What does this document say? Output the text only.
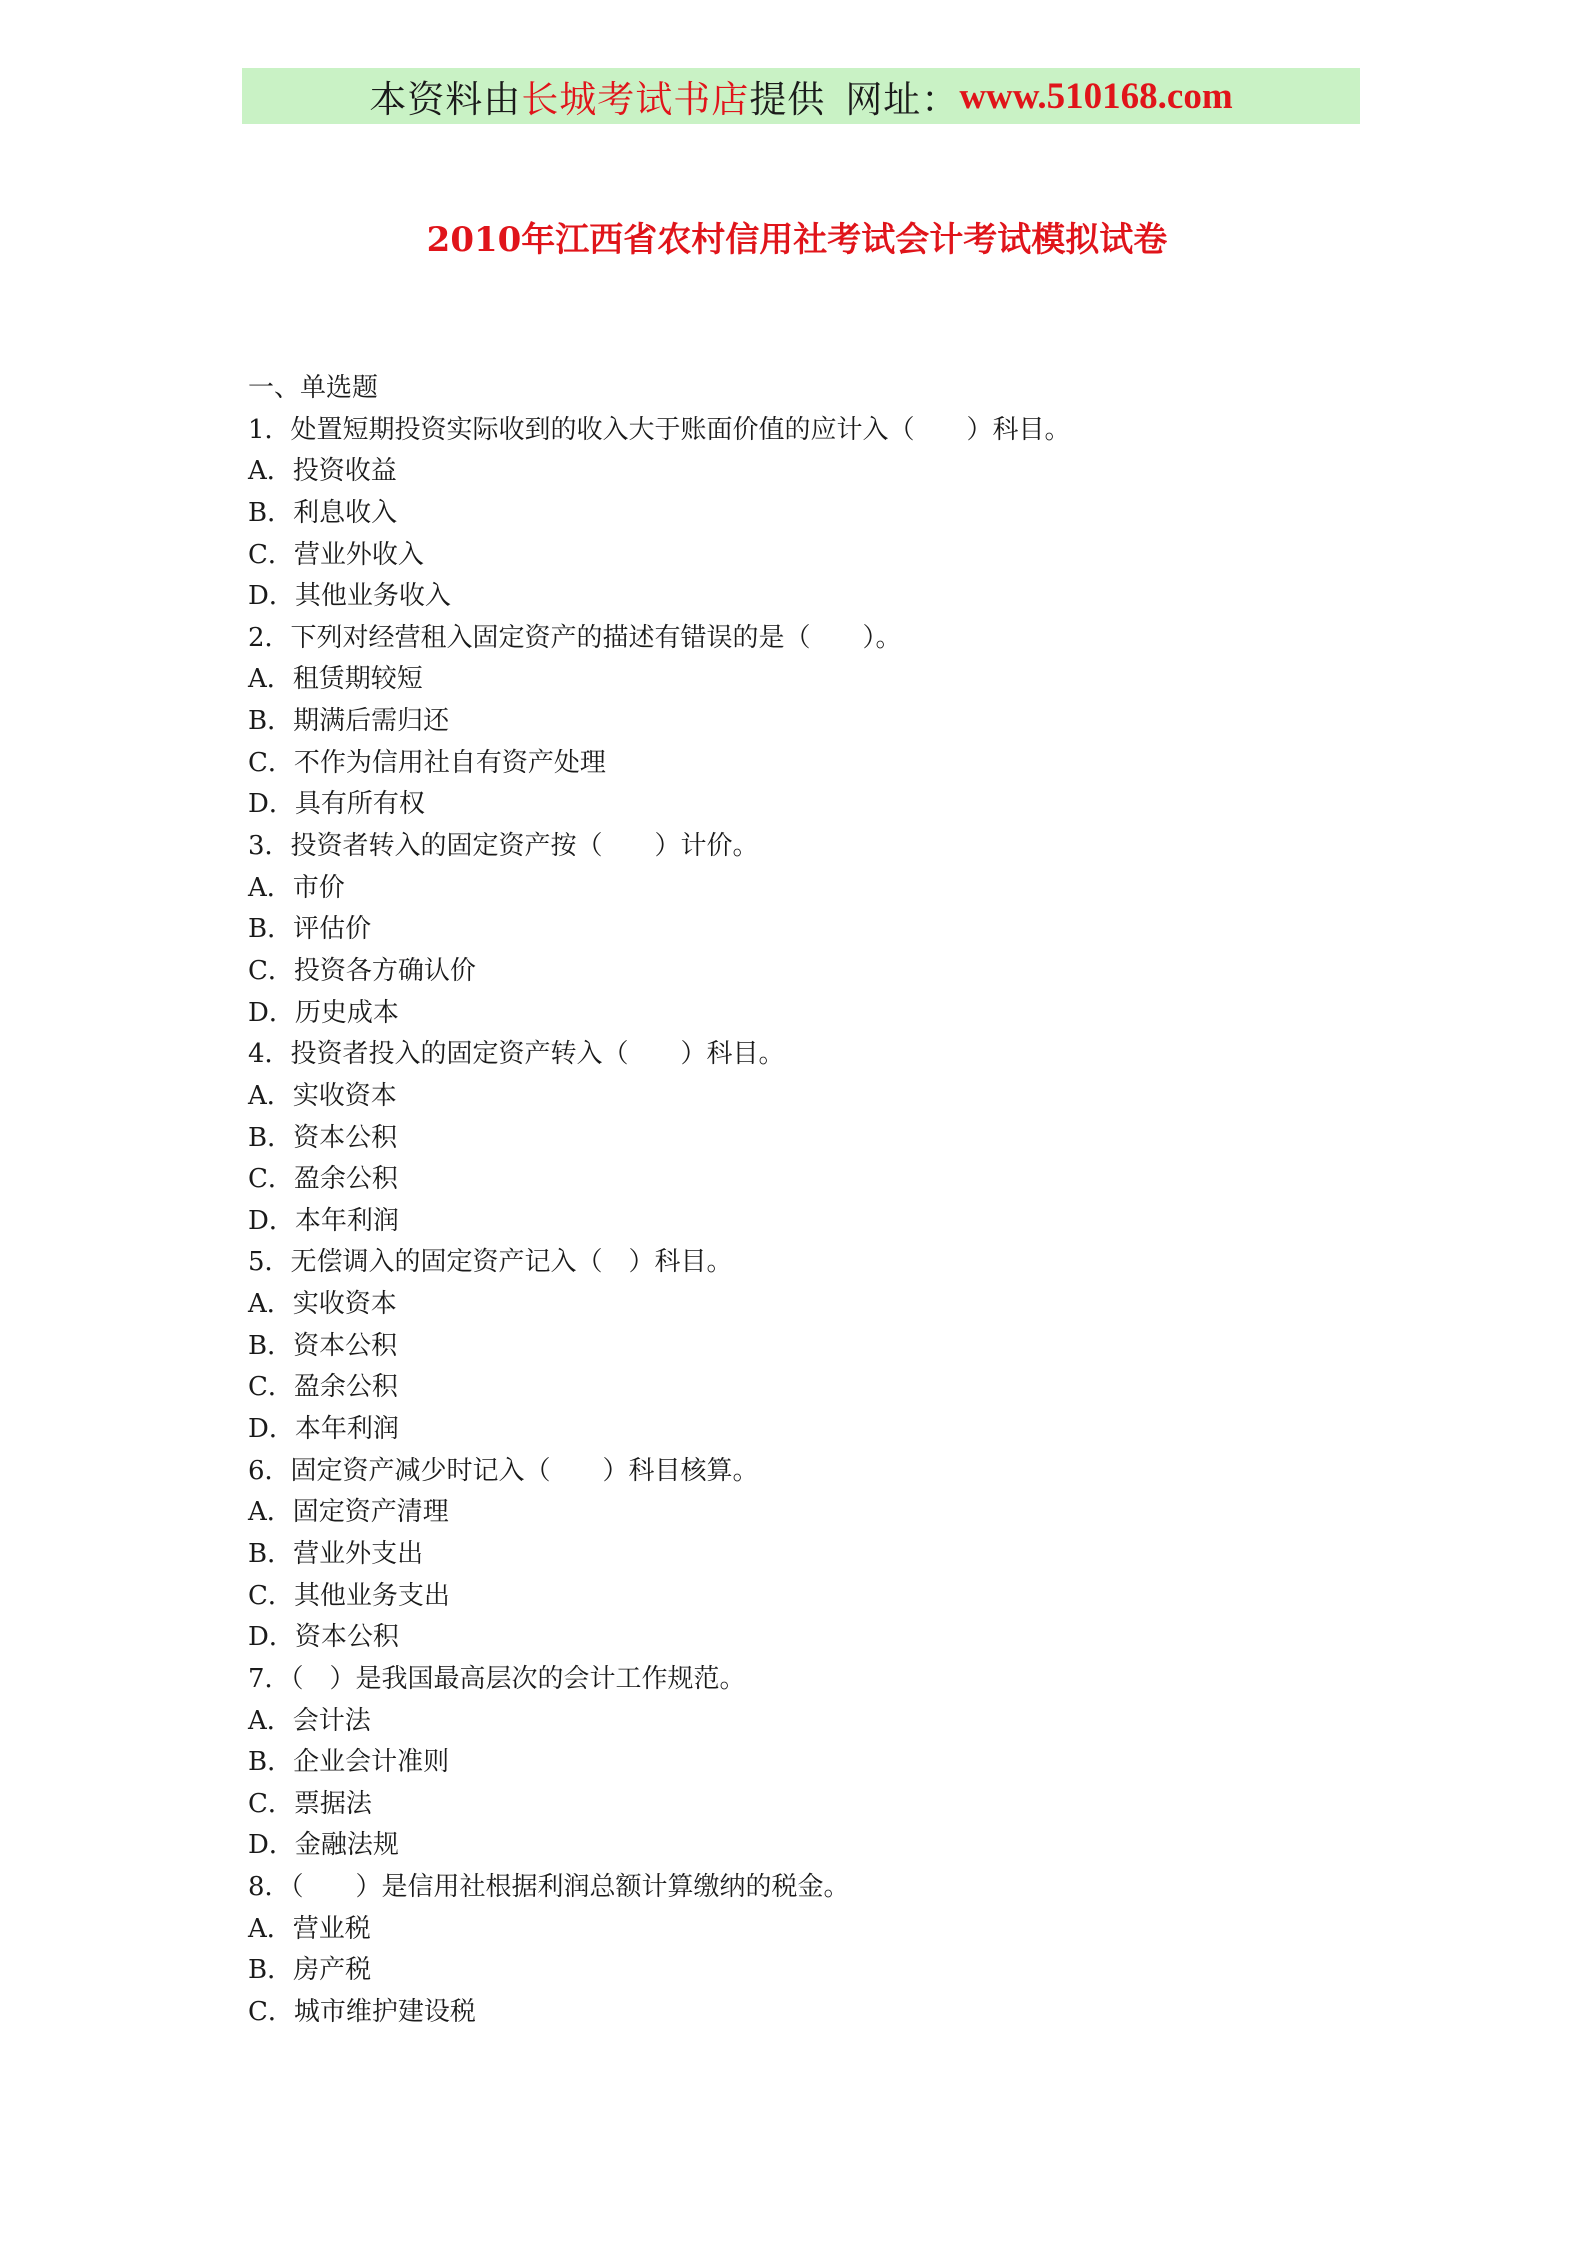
本资料由 长城考试书店 提供 网址： www.510168.com
2010年江西省农村信用社考试会计考试模拟试卷
一、单选题
1．处置短期投资实际收到的收入大于账面价值的应计入（　　）科目。
A．投资收益
B．利息收入
C．营业外收入
D．其他业务收入
2．下列对经营租入固定资产的描述有错误的是（　　）。
A．租赁期较短
B．期满后需归还
C．不作为信用社自有资产处理
D．具有所有权
3．投资者转入的固定资产按（　　）计价。
A．市价
B．评估价
C．投资各方确认价
D．历史成本
4．投资者投入的固定资产转入（　　）科目。
A．实收资本
B．资本公积
C．盈余公积
D．本年利润
5．无偿调入的固定资产记入（　）科目。
A．实收资本
B．资本公积
C．盈余公积
D．本年利润
6．固定资产减少时记入（　　）科目核算。
A．固定资产清理
B．营业外支出
C．其他业务支出
D．资本公积
7．（　）是我国最高层次的会计工作规范。
A．会计法
B．企业会计准则
C．票据法
D．金融法规
8．（　　）是信用社根据利润总额计算缴纳的税金。
A．营业税
B．房产税
C．城市维护建设税
